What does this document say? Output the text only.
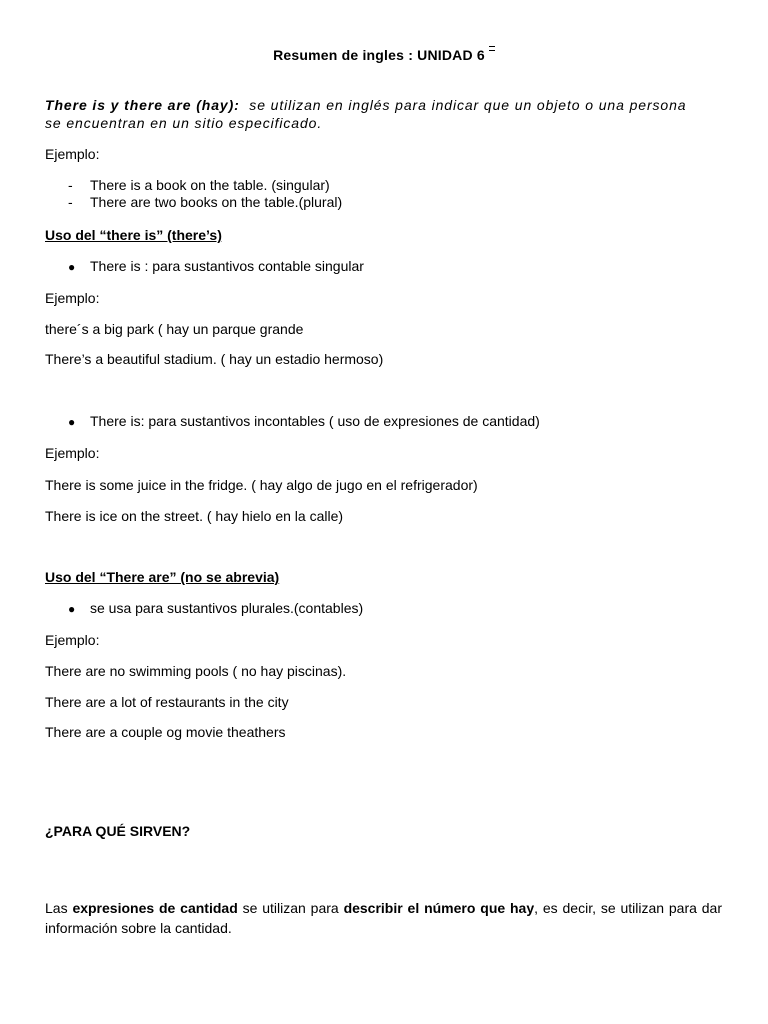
Resumen de ingles : UNIDAD 6
There is y there are (hay): se utilizan en inglés para indicar que un objeto o una persona se encuentran en un sitio especificado.
Ejemplo:
- There is a book on the table. (singular)
- There are two books on the table.(plural)
Uso del “there is” (there’s)
● There is : para sustantivos contable singular
Ejemplo:
there´s a big park ( hay un parque grande
There’s a beautiful stadium. ( hay un estadio hermoso)
● There is: para sustantivos incontables ( uso de expresiones de cantidad)
Ejemplo:
There is some juice in the fridge. ( hay algo de jugo en el refrigerador)
There is ice on the street. ( hay hielo en la calle)
Uso del “There are” (no se abrevia)
● se usa para sustantivos plurales.(contables)
Ejemplo:
There are no swimming pools ( no hay piscinas).
There are a lot of restaurants in the city
There are a couple og movie theathers
¿PARA QUÉ SIRVEN?
Las expresiones de cantidad se utilizan para describir el número que hay, es decir, se utilizan para dar información sobre la cantidad.
